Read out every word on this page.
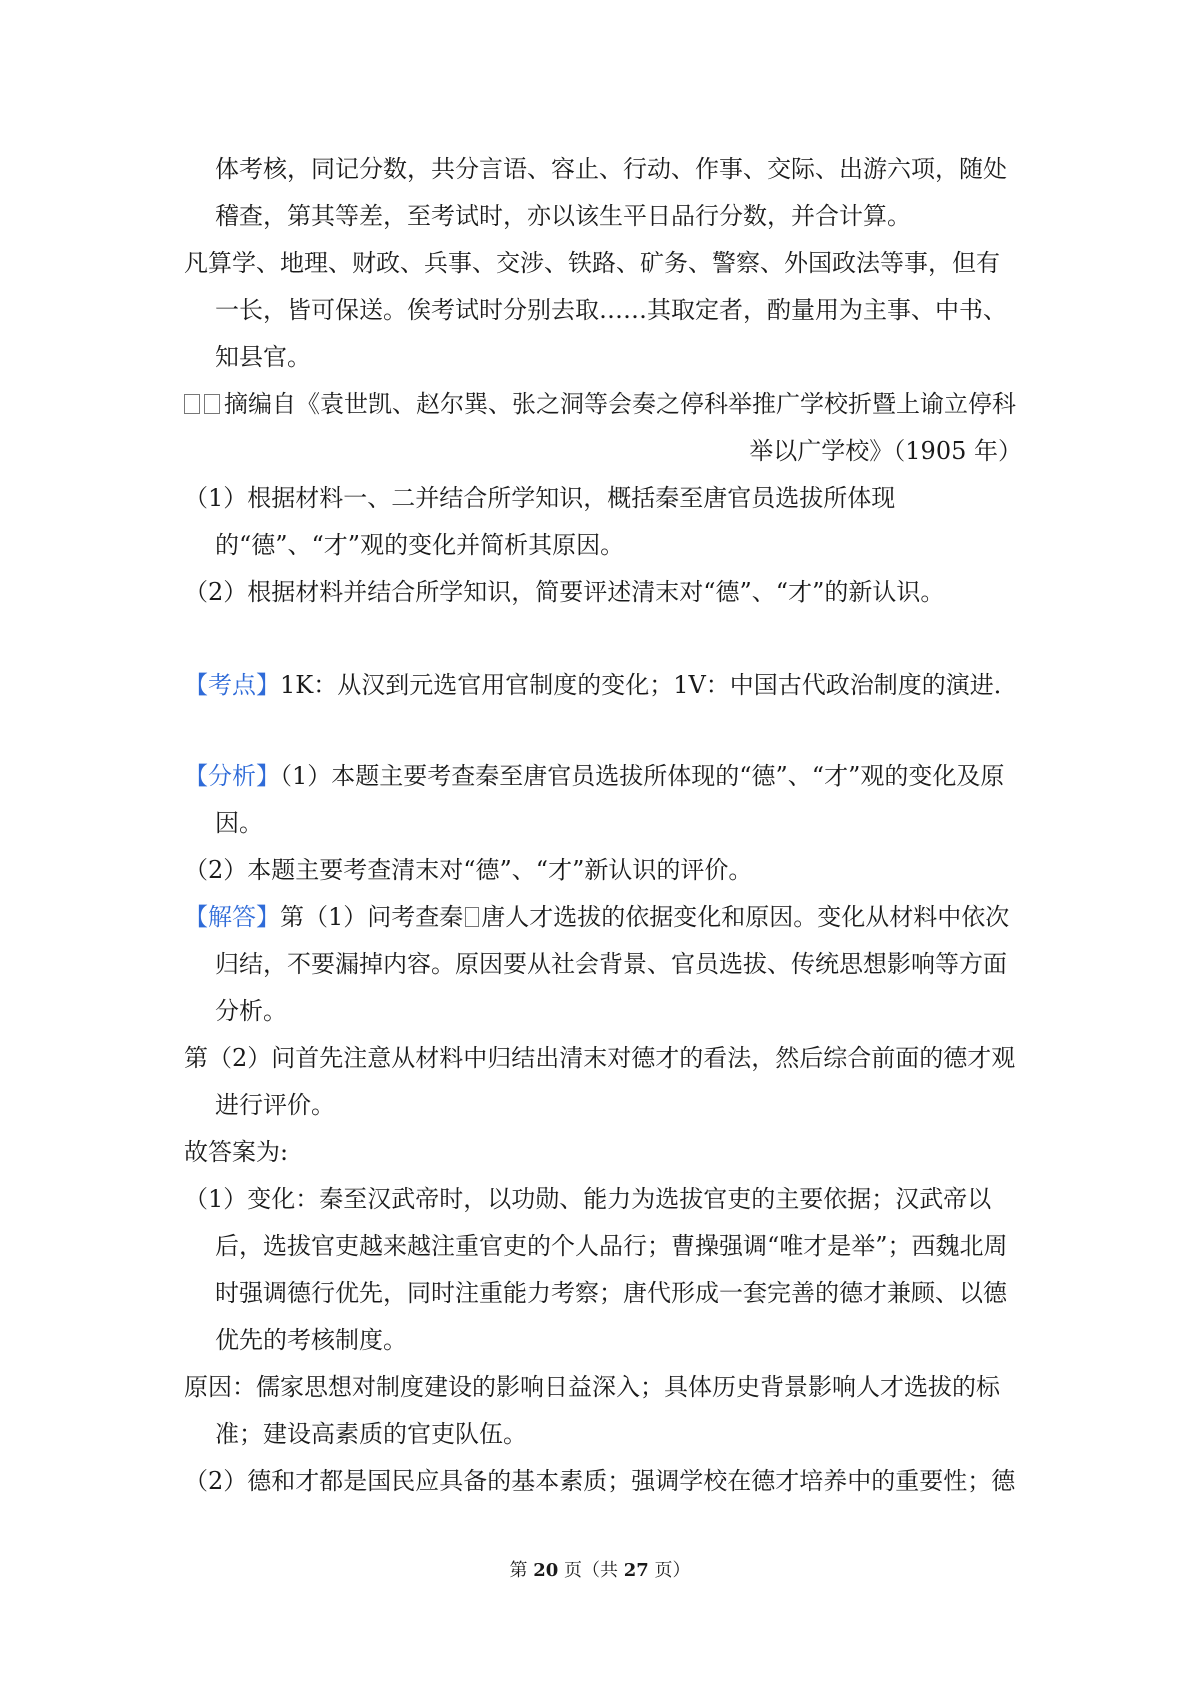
体考核，同记分数，共分言语、容止、行动、作事、交际、出游六项，随处稽查，第其等差，至考试时，亦以该生平日品行分数，并合计算。

凡算学、地理、财政、兵事、交涉、铁路、矿务、警察、外国政法等事，但有一长，皆可保送。俟考试时分别去取……其取定者，酌量用为主事、中书、知县官。

摘编自《袁世凯、赵尔巽、张之洞等会奏之停科举推广学校折暨上谕立停科

举以广学校》（1905 年）

（1）根据材料一、二并结合所学知识，概括秦至唐官员选拔所体现的“德”、“才”观的变化并简析其原因。

（2）根据材料并结合所学知识，简要评述清末对“德”、“才”的新认识。

【考点】1K：从汉到元选官用官制度的变化；1V：中国古代政治制度的演进．

【分析】（1）本题主要考查秦至唐官员选拔所体现的“德”、“才”观的变化及原因。

（2）本题主要考查清末对“德”、“才”新认识的评价。

【解答】第（1）问考查秦 唐人才选拔的依据变化和原因。变化从材料中依次归结，不要漏掉内容。原因要从社会背景、官员选拔、传统思想影响等方面分析。

第（2）问首先注意从材料中归结出清末对德才的看法，然后综合前面的德才观进行评价。

故答案为:

（1）变化：秦至汉武帝时，以功勋、能力为选拔官吏的主要依据；汉武帝以后，选拔官吏越来越注重官吏的个人品行；曹操强调“唯才是举”；西魏北周时强调德行优先，同时注重能力考察；唐代形成一套完善的德才兼顾、以德优先的考核制度。

原因：儒家思想对制度建设的影响日益深入；具体历史背景影响人才选拔的标准；建设高素质的官吏队伍。

（2）德和才都是国民应具备的基本素质；强调学校在德才培养中的重要性；德

第 20 页（共 27 页）
